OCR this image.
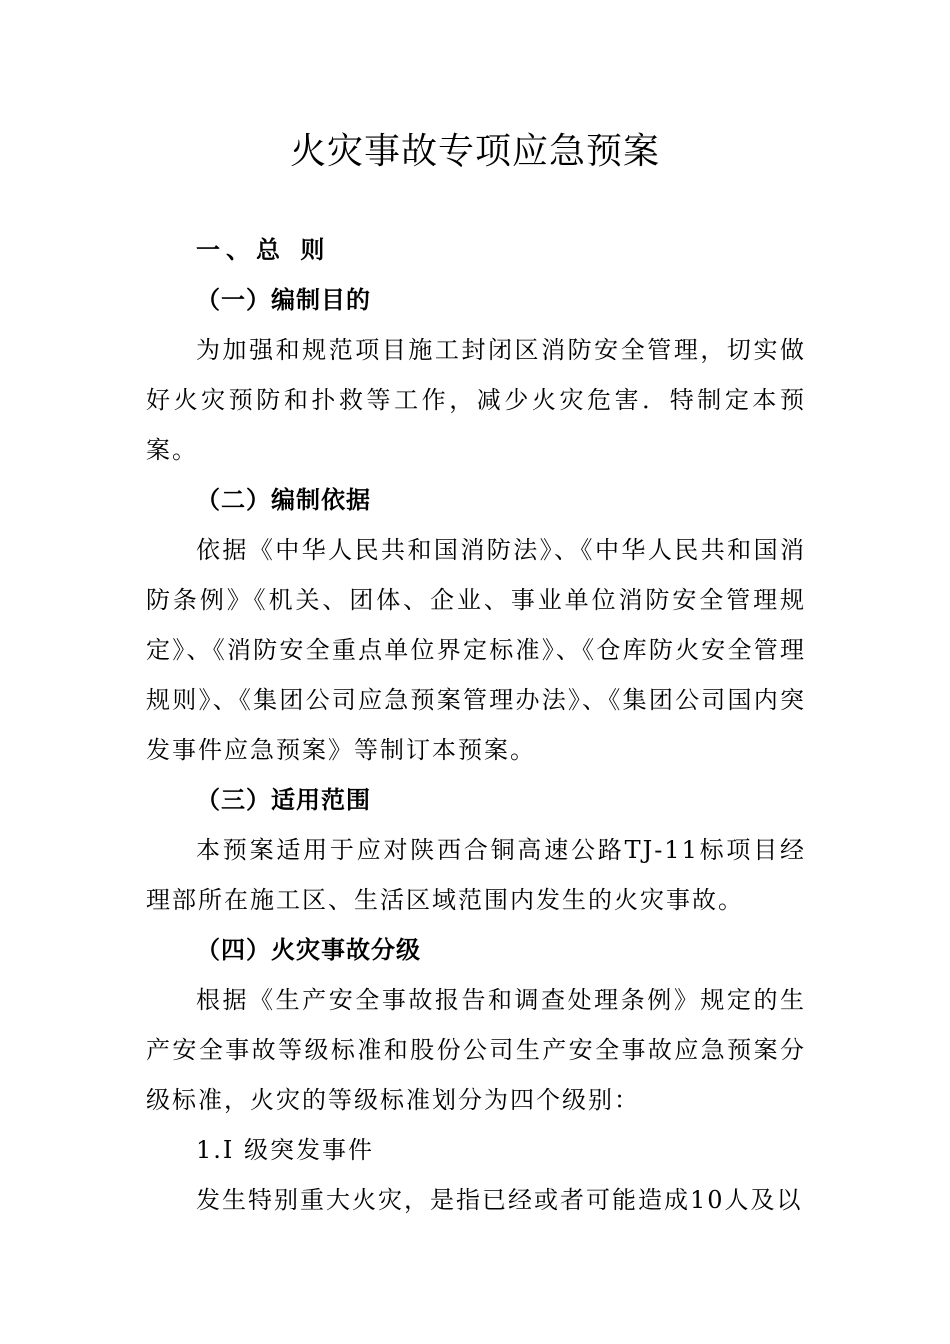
火灾事故专项应急预案
一、总 则
（一）编制目的
为加强和规范项目施工封闭区消防安全管理，切实做好火灾预防和扑救等工作，减少火灾危害．特制定本预案。
（二）编制依据
依据《中华人民共和国消防法》、《中华人民共和国消防条例》《机关、团体、企业、事业单位消防安全管理规定》、《消防安全重点单位界定标准》、《仓库防火安全管理规则》、《集团公司应急预案管理办法》、《集团公司国内突发事件应急预案》等制订本预案。
（三）适用范围
本预案适用于应对陕西合铜高速公路TJ-11标项目经理部所在施工区、生活区域范围内发生的火灾事故。
（四）火灾事故分级
根据《生产安全事故报告和调查处理条例》规定的生产安全事故等级标准和股份公司生产安全事故应急预案分级标准，火灾的等级标准划分为四个级别：
1.Ⅰ 级突发事件
发生特别重大火灾，是指已经或者可能造成10人及以
